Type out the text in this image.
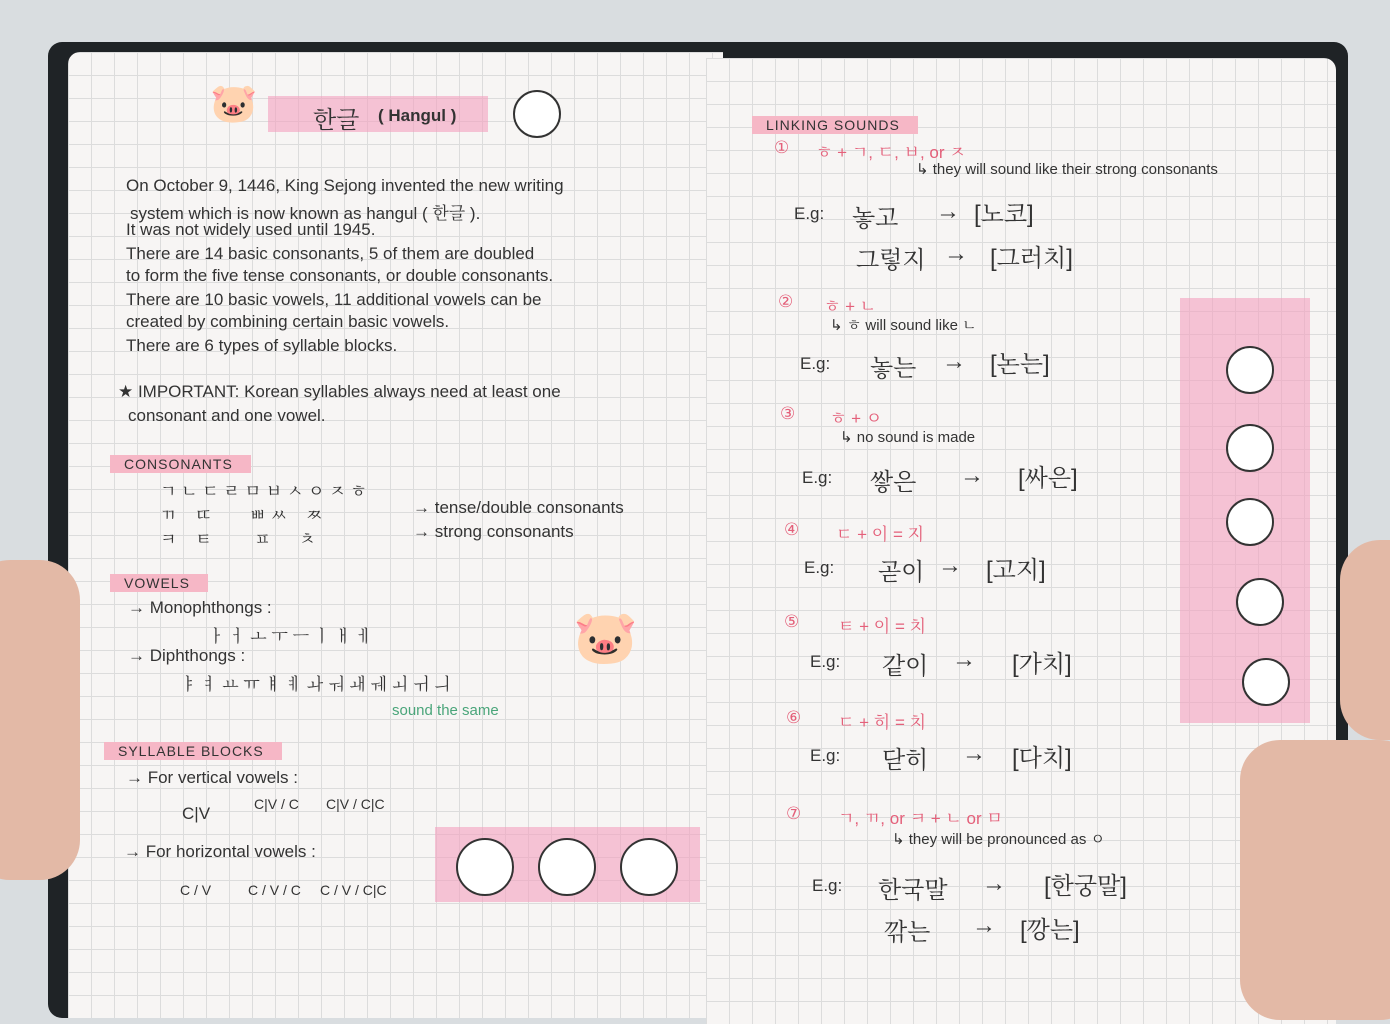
🐷 한글 ( Hangul )
On October 9, 1446, King Sejong invented the new writing
system which is now known as hangul ( 한글 ).
It was not widely used until 1945.
There are 14 basic consonants, 5 of them are doubled
to form the five tense consonants, or double consonants.
There are 10 basic vowels, 11 additional vowels can be
created by combining certain basic vowels.
There are 6 types of syllable blocks.
★ IMPORTANT: Korean syllables always need at least one
consonant and one vowel.
CONSONANTS
ㄱ ㄴ ㄷ ㄹ ㅁ ㅂ ㅅ ㅇ ㅈ ㅎ
ㄲ    ㄸ        ㅃ ㅆ    ㅉ
ㅋ    ㅌ         ㅍ      ㅊ
→ tense/double consonants
→ strong consonants
VOWELS
→ Monophthongs :
ㅏ ㅓ ㅗ ㅜ ㅡ ㅣ ㅐ ㅔ
→ Diphthongs :
ㅑ ㅕ ㅛ ㅠ ㅒ ㅖ ㅘ ㅝ ㅙ ㅞ ㅚ ㅟ ㅢ
sound the same
🐷
SYLLABLE BLOCKS
→ For vertical vowels :
C|V	C|V / C C|V / C|C
→ For horizontal vowels :
C / V	C / V / C C / V / C|C
LINKING SOUNDS
① ㅎ + ㄱ, ㄷ, ㅂ, or ㅈ
↳ they will sound like their strong consonants
E.g: 놓고 → [노코]
그렇지 → [그러치]
② ㅎ + ㄴ
↳ ㅎ will sound like ㄴ
E.g: 놓는 → [논는]
③ ㅎ + ㅇ
↳ no sound is made
E.g: 쌓은 → [싸은]
④ ㄷ + 이 = 지
E.g: 곧이 → [고지]
⑤ ㅌ + 이 = 치
E.g: 같이 → [가치]
⑥ ㄷ + 히 = 치
E.g: 닫히 → [다치]
⑦ ㄱ, ㄲ, or ㅋ + ㄴ or ㅁ
↳ they will be pronounced as ㅇ
E.g: 한국말 → [한궁말]
깎는 → [깡는]
